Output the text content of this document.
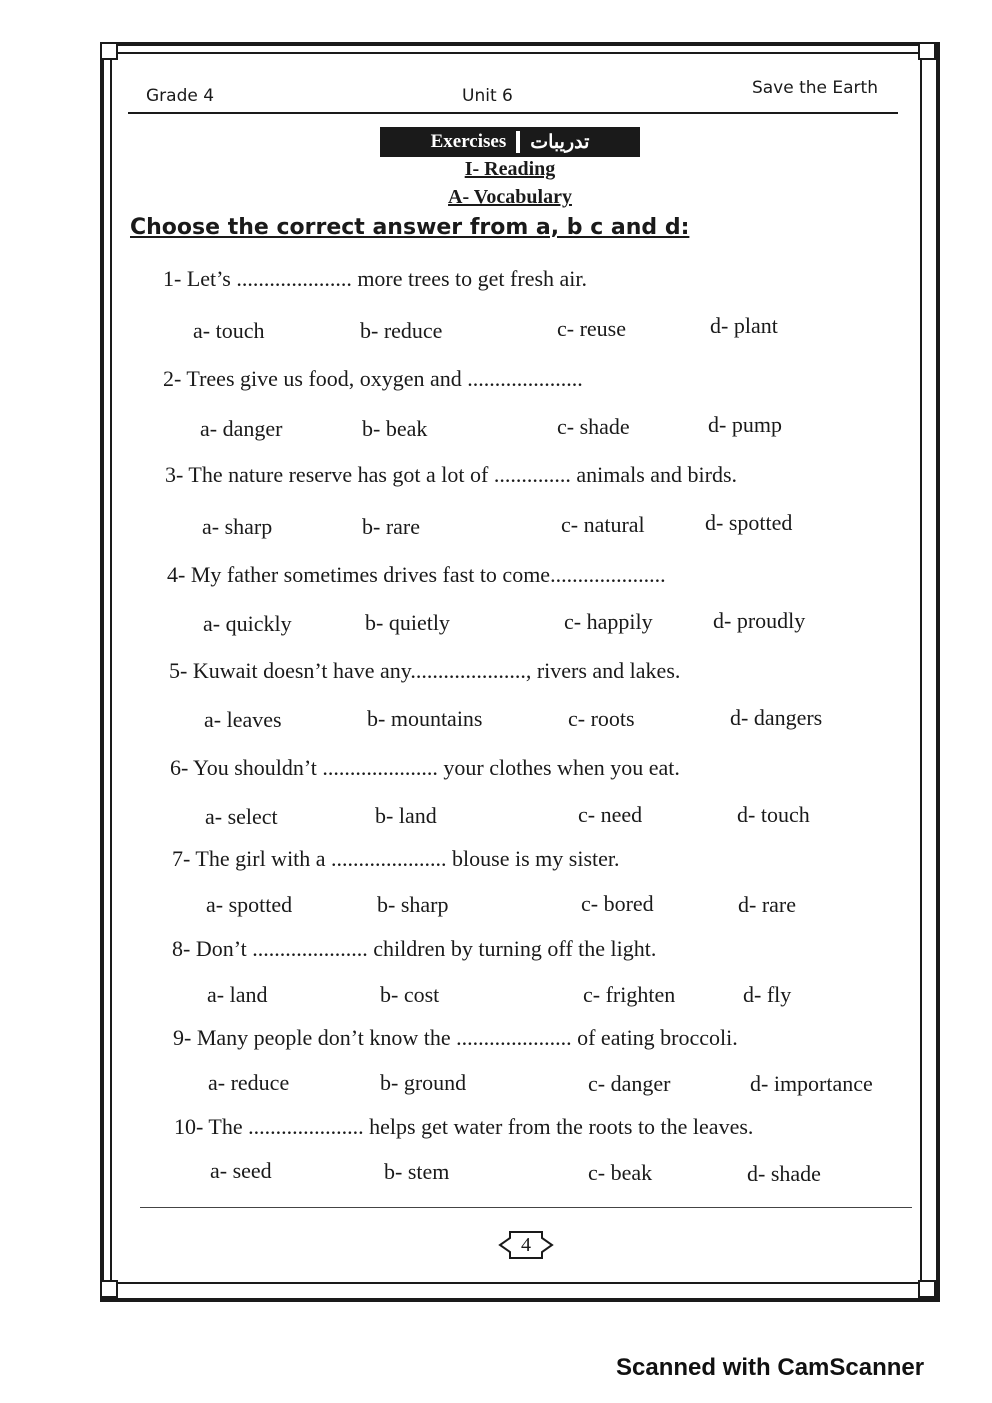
Grade 4	Unit 6	Save the Earth
Exercises تدريبات
I- Reading
A- Vocabulary
Choose the correct answer from a, b c and d:
1- Let’s ..................... more trees to get fresh air.
a- touch	b- reduce	c- reuse	d- plant
2- Trees give us food, oxygen and .....................
a- danger	b- beak	c- shade	d- pump
3- The nature reserve has got a lot of .............. animals and birds.
a- sharp	b- rare	c- natural	d- spotted
4- My father sometimes drives fast to come.....................
a- quickly	b- quietly	c- happily	d- proudly
5- Kuwait doesn’t have any....................., rivers and lakes.
a- leaves	b- mountains	c- roots	d- dangers
6- You shouldn’t ..................... your clothes when you eat.
a- select	b- land	c- need	d- touch
7- The girl with a ..................... blouse is my sister.
a- spotted	b- sharp	c- bored	d- rare
8- Don’t ..................... children by turning off the light.
a- land	b- cost	c- frighten	d- fly
9- Many people don’t know the ..................... of eating broccoli.
a- reduce	b- ground	c- danger	d- importance
10- The ..................... helps get water from the roots to the leaves.
a- seed	b- stem	c- beak	d- shade
4
Scanned with CamScanner
